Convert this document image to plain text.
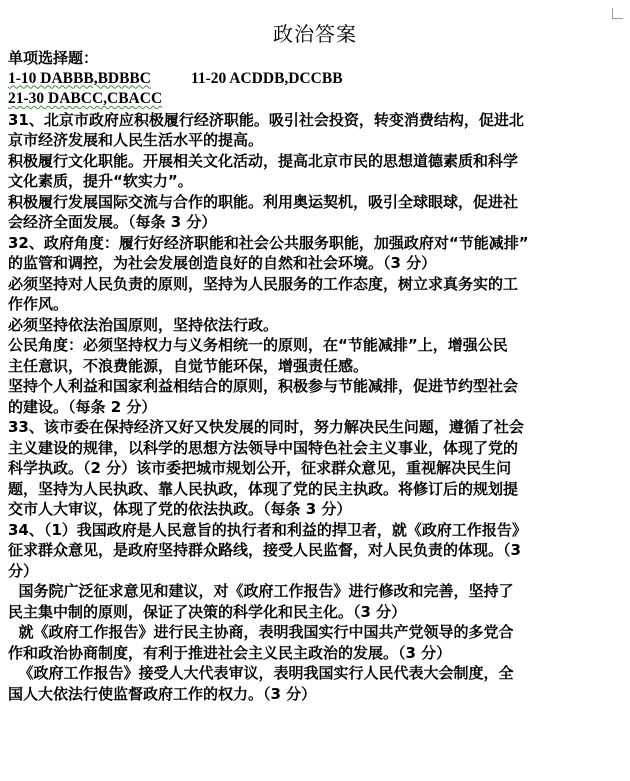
政治答案
单项选择题：
1-10 DABBB,BDBBC	11-20 ACDDB,DCCBB
21-30 DABCC,CBACC
31、北京市政府应积极履行经济职能。吸引社会投资，转变消费结构，促进北
京市经济发展和人民生活水平的提高。
积极履行文化职能。开展相关文化活动，提高北京市民的思想道德素质和科学
文化素质，提升“软实力”。
积极履行发展国际交流与合作的职能。利用奥运契机，吸引全球眼球，促进社
会经济全面发展。（每条 3 分）
32、政府角度：履行好经济职能和社会公共服务职能，加强政府对“节能减排”
的监管和调控，为社会发展创造良好的自然和社会环境。（3 分）
必须坚持对人民负责的原则，坚持为人民服务的工作态度，树立求真务实的工
作作风。
必须坚持依法治国原则，坚持依法行政。
公民角度：必须坚持权力与义务相统一的原则，在“节能减排”上，增强公民
主任意识，不浪费能源，自觉节能环保，增强责任感。
坚持个人利益和国家利益相结合的原则，积极参与节能减排，促进节约型社会
的建设。（每条 2 分）
33、该市委在保持经济又好又快发展的同时，努力解决民生问题，遵循了社会
主义建设的规律，以科学的思想方法领导中国特色社会主义事业，体现了党的
科学执政。（2 分）该市委把城市规划公开，征求群众意见，重视解决民生问
题，坚持为人民执政、靠人民执政，体现了党的民主执政。将修订后的规划提
交市人大审议，体现了党的依法执政。（每条 3 分）
34、（1）我国政府是人民意旨的执行者和利益的捍卫者，就《政府工作报告》
征求群众意见，是政府坚持群众路线，接受人民监督，对人民负责的体现。（3
分）
国务院广泛征求意见和建议，对《政府工作报告》进行修改和完善，坚持了
民主集中制的原则，保证了决策的科学化和民主化。（3 分）
就《政府工作报告》进行民主协商，表明我国实行中国共产党领导的多党合
作和政治协商制度，有利于推进社会主义民主政治的发展。（3 分）
《政府工作报告》接受人大代表审议，表明我国实行人民代表大会制度，全
国人大依法行使监督政府工作的权力。（3 分）
